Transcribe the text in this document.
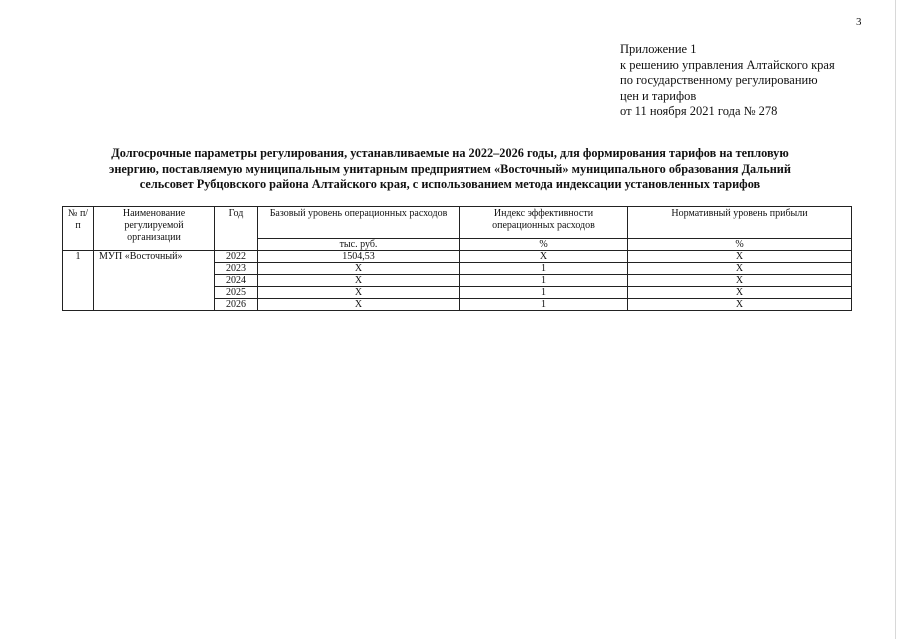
3
Приложение 1
к решению управления Алтайского края
по государственному регулированию
цен и тарифов
от 11 ноября 2021 года № 278
Долгосрочные параметры регулирования, устанавливаемые на 2022–2026 годы, для формирования тарифов на тепловую энергию, поставляемую муниципальным унитарным предприятием «Восточный» муниципального образования Дальний сельсовет Рубцовского района Алтайского края, с использованием метода индексации установленных тарифов
№ п/п	Наименование регулируемой организации	Год	Базовый уровень операционных расходов	Индекс эффективности операционных расходов	Нормативный уровень прибыли
			тыс. руб.	%	%
1	МУП «Восточный»	2022	1504,53	X	X
		2023	X	1	X
		2024	X	1	X
		2025	X	1	X
		2026	X	1	X
